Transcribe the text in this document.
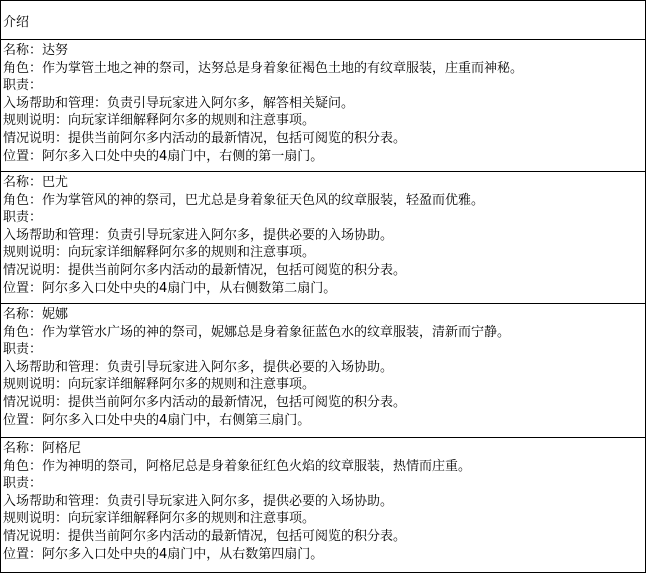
介绍
名称：达努
角色：作为掌管土地之神的祭司，达努总是身着象征褐色土地的有纹章服装，庄重而神秘。
职责：
入场帮助和管理：负责引导玩家进入阿尔多，解答相关疑问。
规则说明：向玩家详细解释阿尔多的规则和注意事项。
情况说明：提供当前阿尔多内活动的最新情况，包括可阅览的积分表。
位置：阿尔多入口处中央的4扇门中，右侧的第一扇门。
名称：巴尤
角色：作为掌管风的神的祭司，巴尤总是身着象征天色风的纹章服装，轻盈而优雅。
职责：
入场帮助和管理：负责引导玩家进入阿尔多，提供必要的入场协助。
规则说明：向玩家详细解释阿尔多的规则和注意事项。
情况说明：提供当前阿尔多内活动的最新情况，包括可阅览的积分表。
位置：阿尔多入口处中央的4扇门中，从右侧数第二扇门。
名称：妮娜
角色：作为掌管水广场的神的祭司，妮娜总是身着象征蓝色水的纹章服装，清新而宁静。
职责：
入场帮助和管理：负责引导玩家进入阿尔多，提供必要的入场协助。
规则说明：向玩家详细解释阿尔多的规则和注意事项。
情况说明：提供当前阿尔多内活动的最新情况，包括可阅览的积分表。
位置：阿尔多入口处中央的4扇门中，右侧第三扇门。
名称：阿格尼
角色：作为神明的祭司，阿格尼总是身着象征红色火焰的纹章服装，热情而庄重。
职责：
入场帮助和管理：负责引导玩家进入阿尔多，提供必要的入场协助。
规则说明：向玩家详细解释阿尔多的规则和注意事项。
情况说明：提供当前阿尔多内活动的最新情况，包括可阅览的积分表。
位置：阿尔多入口处中央的4扇门中，从右数第四扇门。
